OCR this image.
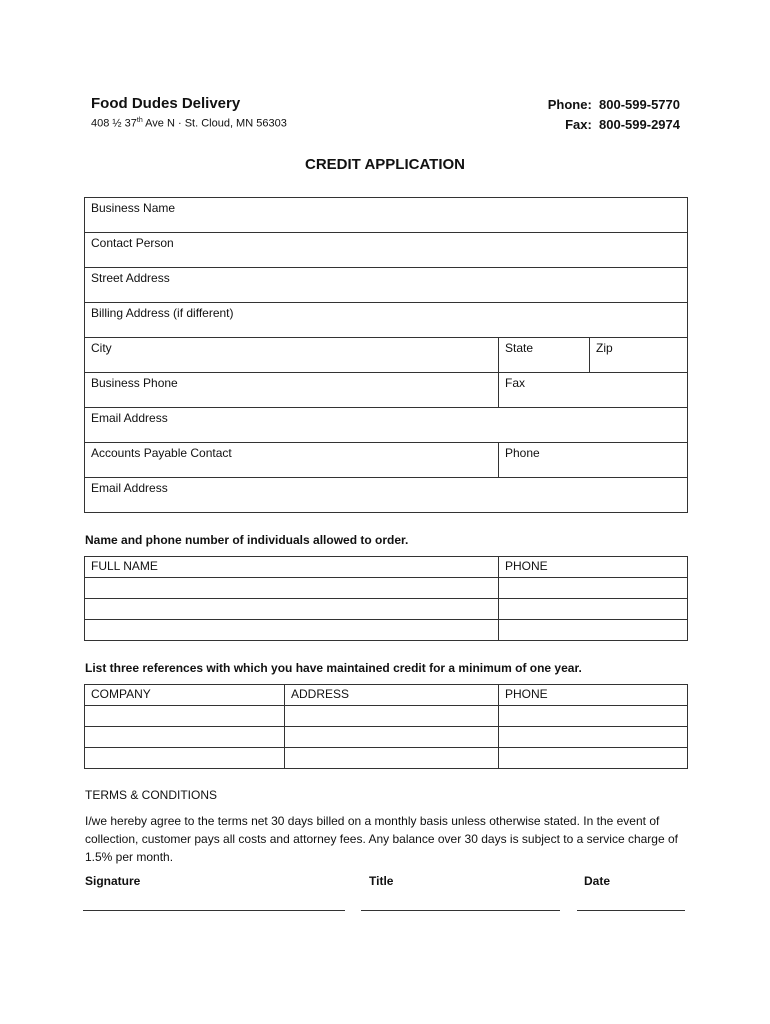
Food Dudes Delivery
408 ½ 37th Ave N · St. Cloud, MN 56303
Phone: 800-599-5770
Fax: 800-599-2974
CREDIT APPLICATION
Business Name		

Contact Person		

Street Address		

Billing Address (if different)		

City	State	Zip

Business Phone	Fax	

Email Address		

Accounts Payable Contact	Phone	

Email Address		
Name and phone number of individuals allowed to order.
FULL NAME	PHONE

List three references with which you have maintained credit for a minimum of one year.
COMPANY	ADDRESS	PHONE

TERMS & CONDITIONS
I/we hereby agree to the terms net 30 days billed on a monthly basis unless otherwise stated. In the event of collection, customer pays all costs and attorney fees. Any balance over 30 days is subject to a service charge of 1.5% per month.
Signature	Title	Date
